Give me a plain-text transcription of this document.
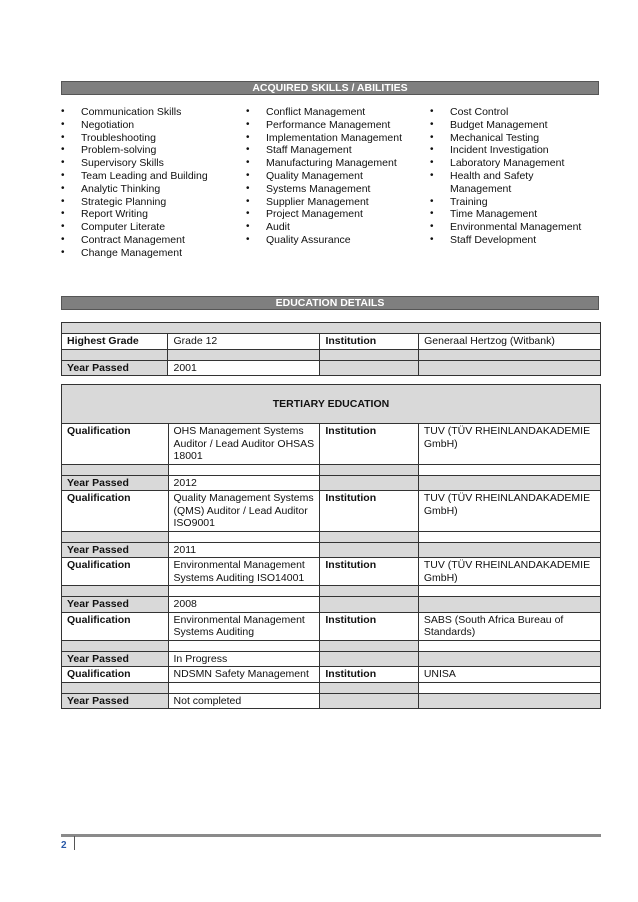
ACQUIRED SKILLS / ABILITIES
• Communication Skills
• Negotiation
• Troubleshooting
• Problem-solving
• Supervisory Skills
• Team Leading and Building
• Analytic Thinking
• Strategic Planning
• Report Writing
• Computer Literate
• Contract Management
• Change Management
• Conflict Management
• Performance Management
• Implementation Management
• Staff Management
• Manufacturing Management
• Quality Management
• Systems Management
• Supplier Management
• Project Management
• Audit
• Quality Assurance
• Cost Control
• Budget Management
• Mechanical Testing
• Incident Investigation
• Laboratory Management
• Health and Safety Management
• Training
• Time Management
• Environmental Management
• Staff Development
EDUCATION DETAILS

Highest Grade	Grade 12	Institution	Generaal Hertzog (Witbank)

Year Passed	2001		
TERTIARY EDUCATION			
Qualification	OHS Management Systems Auditor / Lead Auditor OHSAS 18001	Institution	TUV (TÜV RHEINLANDAKADEMIE GmbH)

Year Passed	2012		
Qualification	Quality Management Systems (QMS) Auditor / Lead Auditor ISO9001	Institution	TUV (TÜV RHEINLANDAKADEMIE GmbH)

Year Passed	2011		
Qualification	Environmental Management Systems Auditing ISO14001	Institution	TUV (TÜV RHEINLANDAKADEMIE GmbH)

Year Passed	2008		
Qualification	Environmental Management Systems Auditing	Institution	SABS (South Africa Bureau of Standards)

Year Passed	In Progress		
Qualification	NDSMN Safety Management	Institution	UNISA

Year Passed	Not completed		
2
